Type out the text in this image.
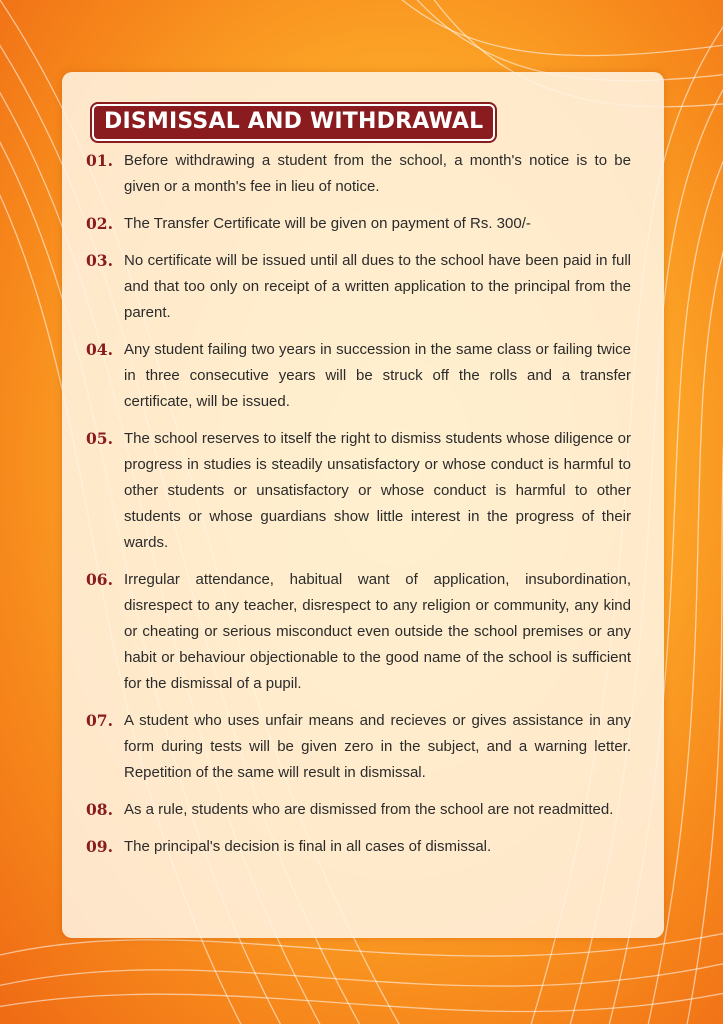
DISMISSAL AND WITHDRAWAL
01. Before withdrawing a student from the school, a month's notice is to be given or a month's fee in lieu of notice.
02. The Transfer Certificate will be given on payment of Rs. 300/-
03. No certificate will be issued until all dues to the school have been paid in full and that too only on receipt of a written application to the principal from the parent.
04. Any student failing two years in succession in the same class or failing twice in three consecutive years will be struck off the rolls and a transfer certificate, will be issued.
05. The school reserves to itself the right to dismiss students whose diligence or progress in studies is steadily unsatisfactory or whose conduct is harmful to other students or unsatisfactory or whose conduct is harmful to other students or whose guardians show little interest in the progress of their wards.
06. Irregular attendance, habitual want of application, insubordination, disrespect to any teacher, disrespect to any religion or community, any kind or cheating or serious misconduct even outside the school premises or any habit or behaviour objectionable to the good name of the school is sufficient for the dismissal of a pupil.
07. A student who uses unfair means and recieves or gives assistance in any form during tests will be given zero in the subject, and a warning letter. Repetition of the same will result in dismissal.
08. As a rule, students who are dismissed from the school are not readmitted.
09. The principal's decision is final in all cases of dismissal.
